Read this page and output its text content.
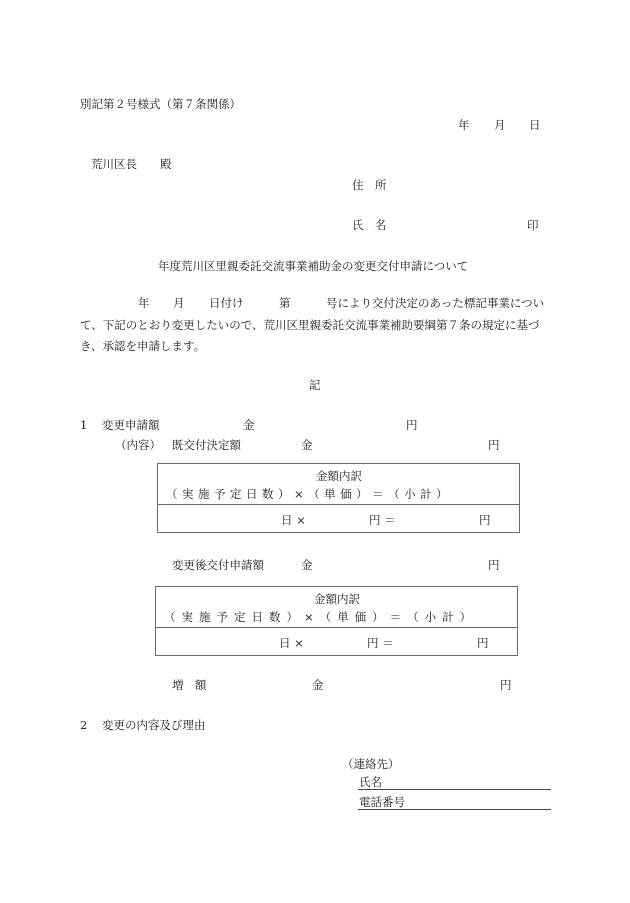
別記第２号様式（第７条関係）
年 月 日
荒川区長 殿
住　所
氏　名	印
年度荒川区里親委託交流事業補助金の変更交付申請について
年 月 日付け	第	号により交付決定のあった標記事業につい
て、下記のとおり変更したいので、荒川区里親委託交流事業補助要綱第７条の規定に基づ
き、承認を申請します。
記
1 変更申請額	金	円
（内容） 既交付決定額	金	円
金額内訳
（実施予定日数）×（単価）＝（小計）
日 ×	円 ＝	円
変更後交付申請額	金	円
金額内訳
（実施予定日数）×（単価）＝（小計）
日 ×	円 ＝	円
増　額	金	円
2 変更の内容及び理由
（連絡先）
氏名
電話番号
